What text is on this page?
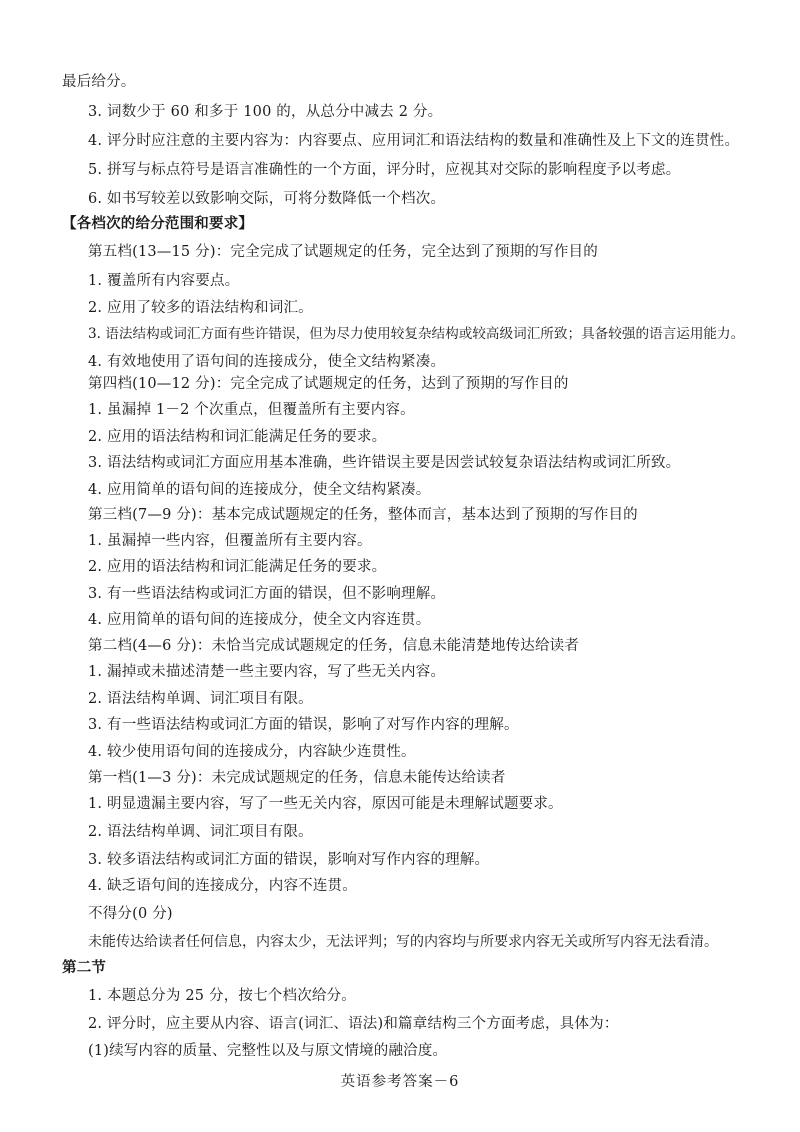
最后给分。
3. 词数少于 60 和多于 100 的，从总分中减去 2 分。
4. 评分时应注意的主要内容为：内容要点、应用词汇和语法结构的数量和准确性及上下文的连贯性。
5. 拼写与标点符号是语言准确性的一个方面，评分时，应视其对交际的影响程度予以考虑。
6. 如书写较差以致影响交际，可将分数降低一个档次。
【各档次的给分范围和要求】
第五档(13—15 分)：完全完成了试题规定的任务，完全达到了预期的写作目的
1. 覆盖所有内容要点。
2. 应用了较多的语法结构和词汇。
3. 语法结构或词汇方面有些许错误，但为尽力使用较复杂结构或较高级词汇所致；具备较强的语言运用能力。
4. 有效地使用了语句间的连接成分，使全文结构紧凑。
第四档(10—12 分)：完全完成了试题规定的任务，达到了预期的写作目的
1. 虽漏掉 1－2 个次重点，但覆盖所有主要内容。
2. 应用的语法结构和词汇能满足任务的要求。
3. 语法结构或词汇方面应用基本准确，些许错误主要是因尝试较复杂语法结构或词汇所致。
4. 应用简单的语句间的连接成分，使全文结构紧凑。
第三档(7—9 分)：基本完成试题规定的任务，整体而言，基本达到了预期的写作目的
1. 虽漏掉一些内容，但覆盖所有主要内容。
2. 应用的语法结构和词汇能满足任务的要求。
3. 有一些语法结构或词汇方面的错误，但不影响理解。
4. 应用简单的语句间的连接成分，使全文内容连贯。
第二档(4—6 分)：未恰当完成试题规定的任务，信息未能清楚地传达给读者
1. 漏掉或未描述清楚一些主要内容，写了些无关内容。
2. 语法结构单调、词汇项目有限。
3. 有一些语法结构或词汇方面的错误，影响了对写作内容的理解。
4. 较少使用语句间的连接成分，内容缺少连贯性。
第一档(1—3 分)：未完成试题规定的任务，信息未能传达给读者
1. 明显遗漏主要内容，写了一些无关内容，原因可能是未理解试题要求。
2. 语法结构单调、词汇项目有限。
3. 较多语法结构或词汇方面的错误，影响对写作内容的理解。
4. 缺乏语句间的连接成分，内容不连贯。
不得分(0 分)
未能传达给读者任何信息，内容太少，无法评判；写的内容均与所要求内容无关或所写内容无法看清。
第二节
1. 本题总分为 25 分，按七个档次给分。
2. 评分时，应主要从内容、语言(词汇、语法)和篇章结构三个方面考虑，具体为：
(1)续写内容的质量、完整性以及与原文情境的融洽度。
英语参考答案－6
